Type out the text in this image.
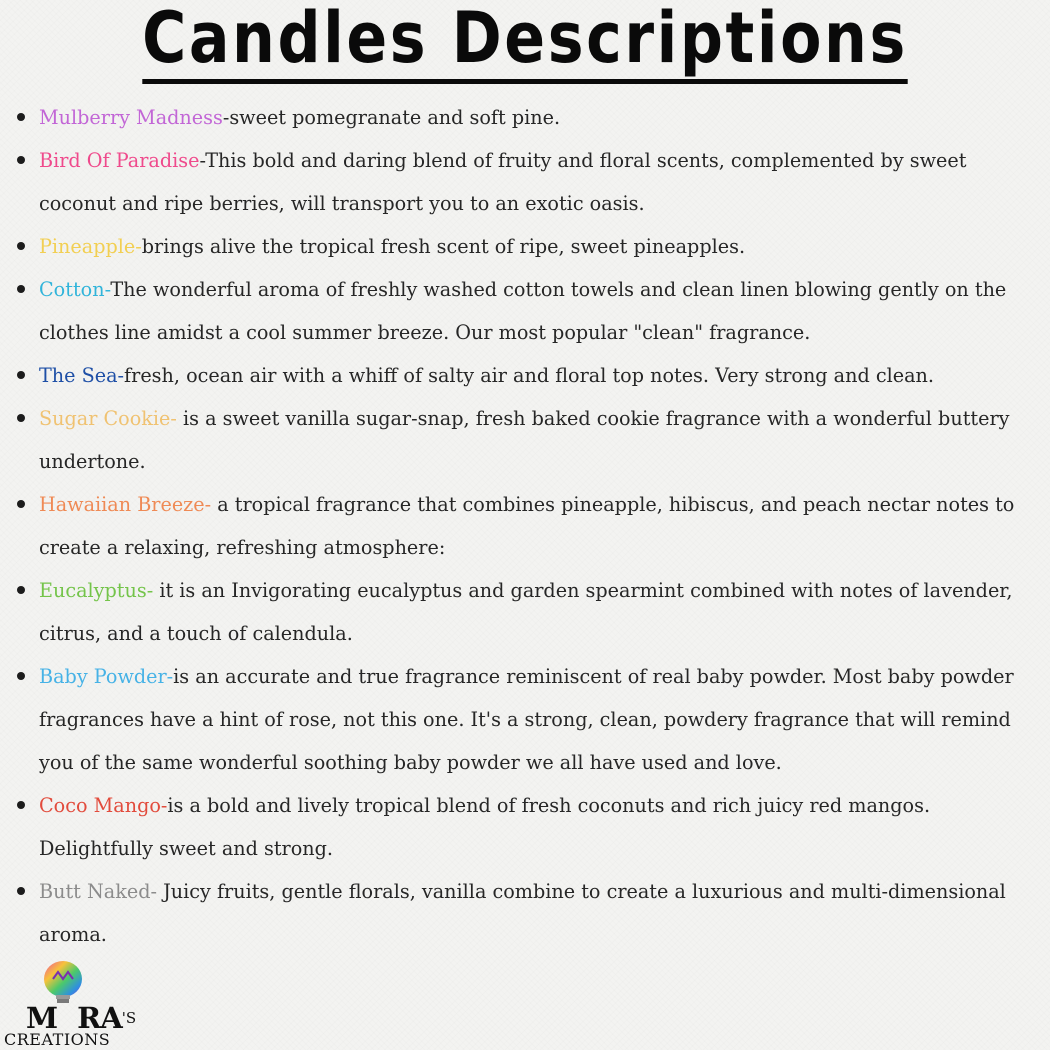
Candles Descriptions
Mulberry Madness-sweet pomegranate and soft pine.
Bird Of Paradise-This bold and daring blend of fruity and floral scents, complemented by sweet coconut and ripe berries, will transport you to an exotic oasis.
Pineapple-brings alive the tropical fresh scent of ripe, sweet pineapples.
Cotton-The wonderful aroma of freshly washed cotton towels and clean linen blowing gently on the clothes line amidst a cool summer breeze. Our most popular "clean" fragrance.
The Sea-fresh, ocean air with a whiff of salty air and floral top notes. Very strong and clean.
Sugar Cookie- is a sweet vanilla sugar-snap, fresh baked cookie fragrance with a wonderful buttery undertone.
Hawaiian Breeze- a tropical fragrance that combines pineapple, hibiscus, and peach nectar notes to create a relaxing, refreshing atmosphere:
Eucalyptus- it is an Invigorating eucalyptus and garden spearmint combined with notes of lavender, citrus, and a touch of calendula.
Baby Powder-is an accurate and true fragrance reminiscent of real baby powder. Most baby powder fragrances have a hint of rose, not this one. It's a strong, clean, powdery fragrance that will remind you of the same wonderful soothing baby powder we all have used and love.
Coco Mango-is a bold and lively tropical blend of fresh coconuts and rich juicy red mangos. Delightfully sweet and strong.
Butt Naked- Juicy fruits, gentle florals, vanilla combine to create a luxurious and multi-dimensional aroma.
M $RA^{'S}$
CREATIONS
